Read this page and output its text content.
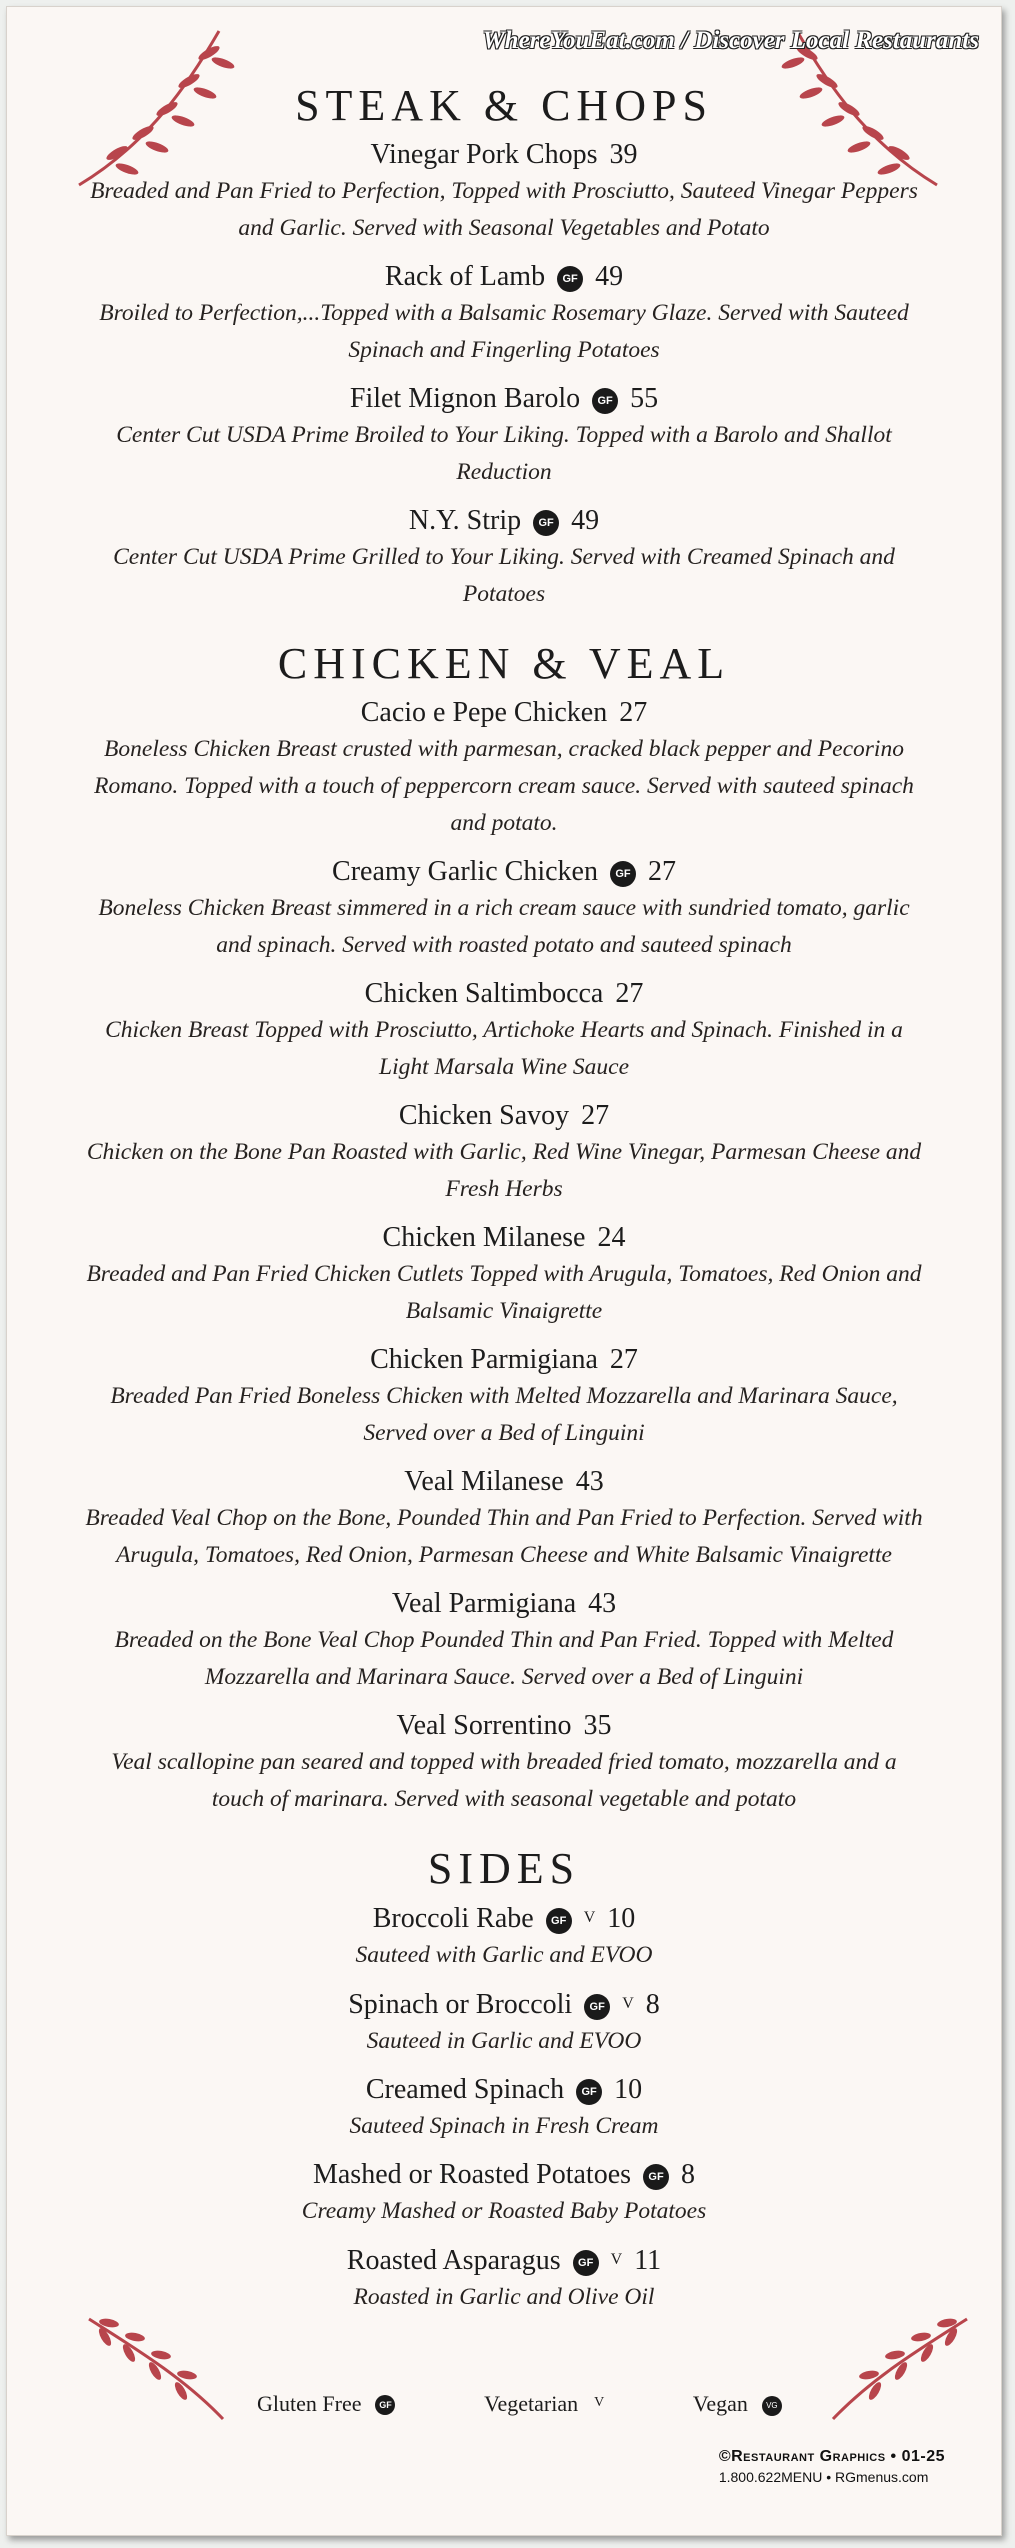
WhereYouEat.com / Discover Local Restaurants
STEAK & CHOPS
Vinegar Pork Chops 39
Breaded and Pan Fried to Perfection, Topped with Prosciutto, Sauteed Vinegar Peppers and Garlic. Served with Seasonal Vegetables and Potato
Rack of Lamb GF 49
Broiled to Perfection,...Topped with a Balsamic Rosemary Glaze. Served with Sauteed Spinach and Fingerling Potatoes
Filet Mignon Barolo GF 55
Center Cut USDA Prime Broiled to Your Liking. Topped with a Barolo and Shallot Reduction
N.Y. Strip GF 49
Center Cut USDA Prime Grilled to Your Liking. Served with Creamed Spinach and Potatoes
CHICKEN & VEAL
Cacio e Pepe Chicken 27
Boneless Chicken Breast crusted with parmesan, cracked black pepper and Pecorino Romano. Topped with a touch of peppercorn cream sauce. Served with sauteed spinach and potato.
Creamy Garlic Chicken GF 27
Boneless Chicken Breast simmered in a rich cream sauce with sundried tomato, garlic and spinach. Served with roasted potato and sauteed spinach
Chicken Saltimbocca 27
Chicken Breast Topped with Prosciutto, Artichoke Hearts and Spinach. Finished in a Light Marsala Wine Sauce
Chicken Savoy 27
Chicken on the Bone Pan Roasted with Garlic, Red Wine Vinegar, Parmesan Cheese and Fresh Herbs
Chicken Milanese 24
Breaded and Pan Fried Chicken Cutlets Topped with Arugula, Tomatoes, Red Onion and Balsamic Vinaigrette
Chicken Parmigiana 27
Breaded Pan Fried Boneless Chicken with Melted Mozzarella and Marinara Sauce, Served over a Bed of Linguini
Veal Milanese 43
Breaded Veal Chop on the Bone, Pounded Thin and Pan Fried to Perfection. Served with Arugula, Tomatoes, Red Onion, Parmesan Cheese and White Balsamic Vinaigrette
Veal Parmigiana 43
Breaded on the Bone Veal Chop Pounded Thin and Pan Fried. Topped with Melted Mozzarella and Marinara Sauce. Served over a Bed of Linguini
Veal Sorrentino 35
Veal scallopine pan seared and topped with breaded fried tomato, mozzarella and a touch of marinara. Served with seasonal vegetable and potato
SIDES
Broccoli Rabe GF V 10
Sauteed with Garlic and EVOO
Spinach or Broccoli GF V 8
Sauteed in Garlic and EVOO
Creamed Spinach GF 10
Sauteed Spinach in Fresh Cream
Mashed or Roasted Potatoes GF 8
Creamy Mashed or Roasted Baby Potatoes
Roasted Asparagus GF V 11
Roasted in Garlic and Olive Oil
Gluten Free GF	Vegetarian $^V$	Vegan VG
©Restaurant Graphics • 01-25
1.800.622MENU • RGmenus.com
